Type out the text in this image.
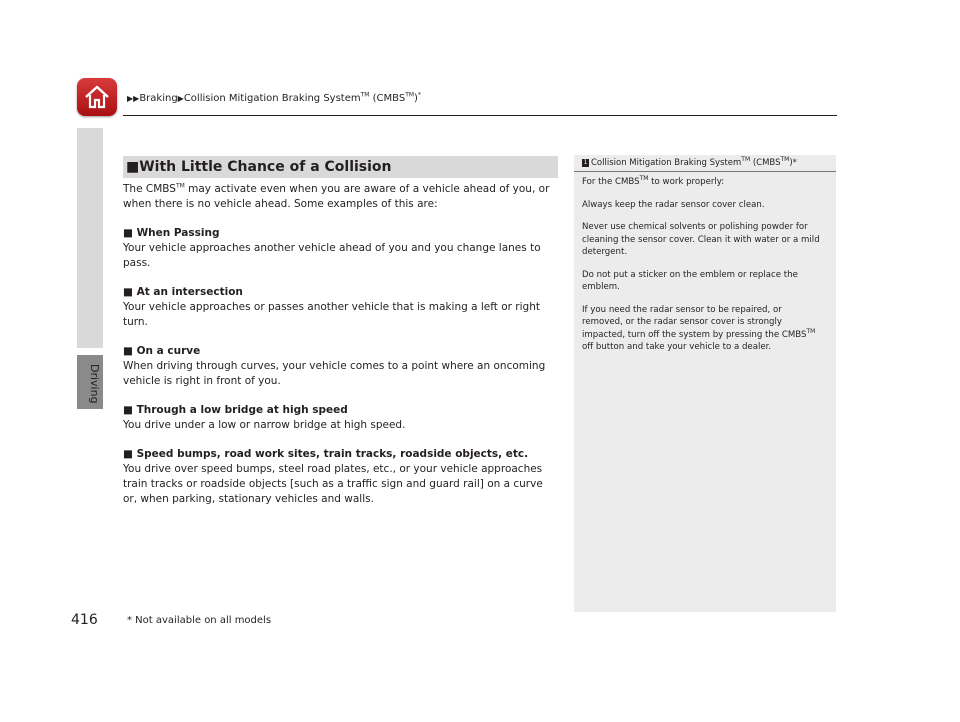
▶▶Braking▶Collision Mitigation Braking System™ (CMBS™)*
Driving
■With Little Chance of a Collision

The CMBS™ may activate even when you are aware of a vehicle ahead of you, or when there is no vehicle ahead. Some examples of this are:

■ When Passing

Your vehicle approaches another vehicle ahead of you and you change lanes to pass.

■ At an intersection

Your vehicle approaches or passes another vehicle that is making a left or right turn.

■ On a curve

When driving through curves, your vehicle comes to a point where an oncoming vehicle is right in front of you.

■ Through a low bridge at high speed

You drive under a low or narrow bridge at high speed.

■ Speed bumps, road work sites, train tracks, roadside objects, etc.

You drive over speed bumps, steel road plates, etc., or your vehicle approaches train tracks or roadside objects [such as a traffic sign and guard rail] on a curve or, when parking, stationary vehicles and walls.

1 Collision Mitigation Braking System™ (CMBS™)*

For the CMBS™ to work properly:

Always keep the radar sensor cover clean.

Never use chemical solvents or polishing powder for cleaning the sensor cover. Clean it with water or a mild detergent.

Do not put a sticker on the emblem or replace the emblem.

If you need the radar sensor to be repaired, or removed, or the radar sensor cover is strongly impacted, turn off the system by pressing the CMBS™ off button and take your vehicle to a dealer.

416	* Not available on all models
